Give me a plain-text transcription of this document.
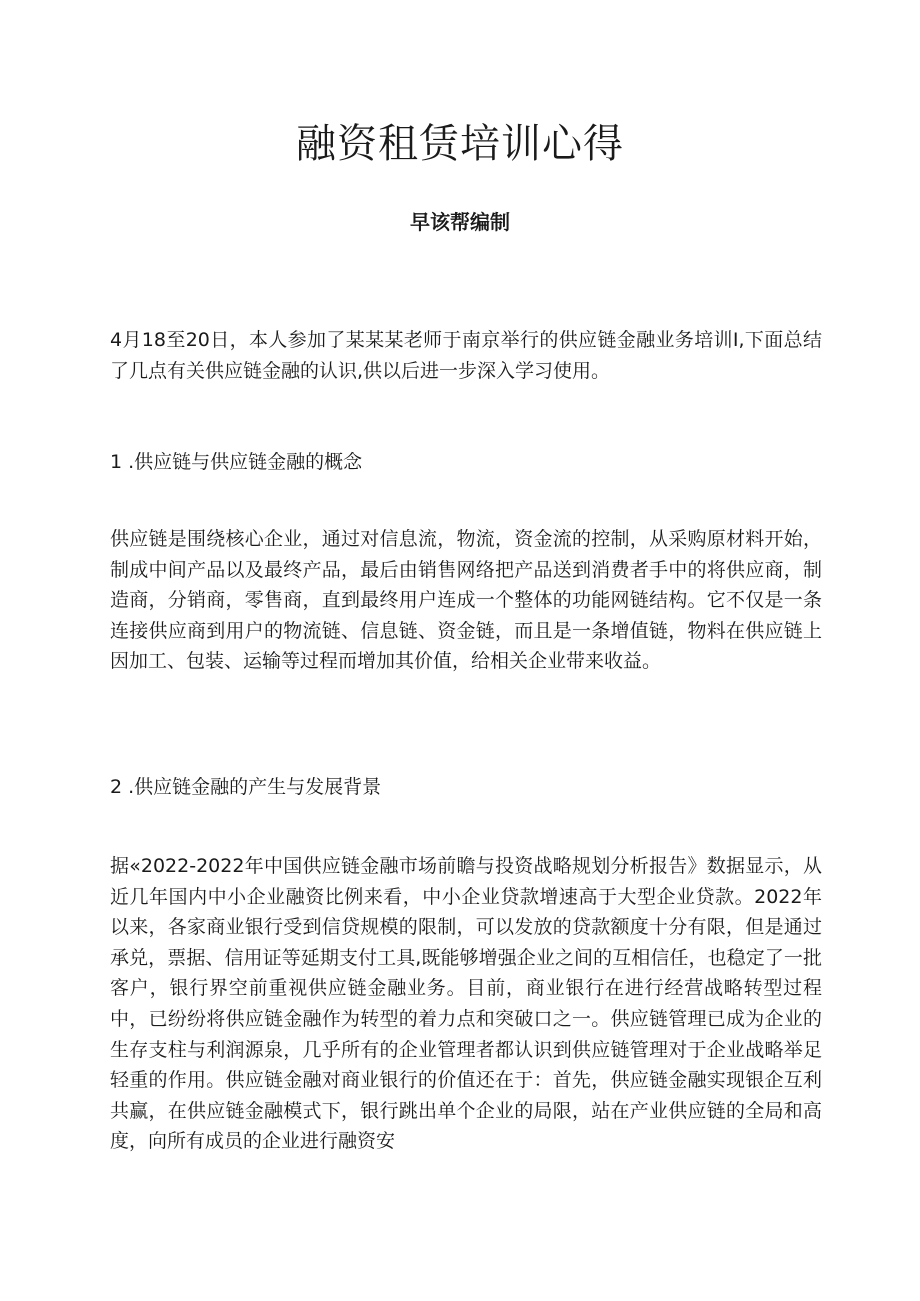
融资租赁培训心得

早该帮编制

4月18至20日，本人参加了某某某老师于南京举行的供应链金融业务培训I,下面总结了几点有关供应链金融的认识,供以后进一步深入学习使用。

1 .供应链与供应链金融的概念

供应链是围绕核心企业，通过对信息流，物流，资金流的控制，从采购原材料开始，制成中间产品以及最终产品，最后由销售网络把产品送到消费者手中的将供应商，制造商，分销商，零售商，直到最终用户连成一个整体的功能网链结构。它不仅是一条连接供应商到用户的物流链、信息链、资金链，而且是一条增值链，物料在供应链上因加工、包装、运输等过程而增加其价值，给相关企业带来收益。

2 .供应链金融的产生与发展背景

据«2022-2022年中国供应链金融市场前瞻与投资战略规划分析报告》数据显示，从近几年国内中小企业融资比例来看，中小企业贷款增速高于大型企业贷款。2022年以来，各家商业银行受到信贷规模的限制，可以发放的贷款额度十分有限，但是通过承兑，票据、信用证等延期支付工具,既能够增强企业之间的互相信任，也稳定了一批客户，银行界空前重视供应链金融业务。目前，商业银行在进行经营战略转型过程中，已纷纷将供应链金融作为转型的着力点和突破口之一。供应链管理已成为企业的生存支柱与利润源泉，几乎所有的企业管理者都认识到供应链管理对于企业战略举足轻重的作用。供应链金融对商业银行的价值还在于：首先，供应链金融实现银企互利共赢，在供应链金融模式下，银行跳出单个企业的局限，站在产业供应链的全局和高度，向所有成员的企业进行融资安
